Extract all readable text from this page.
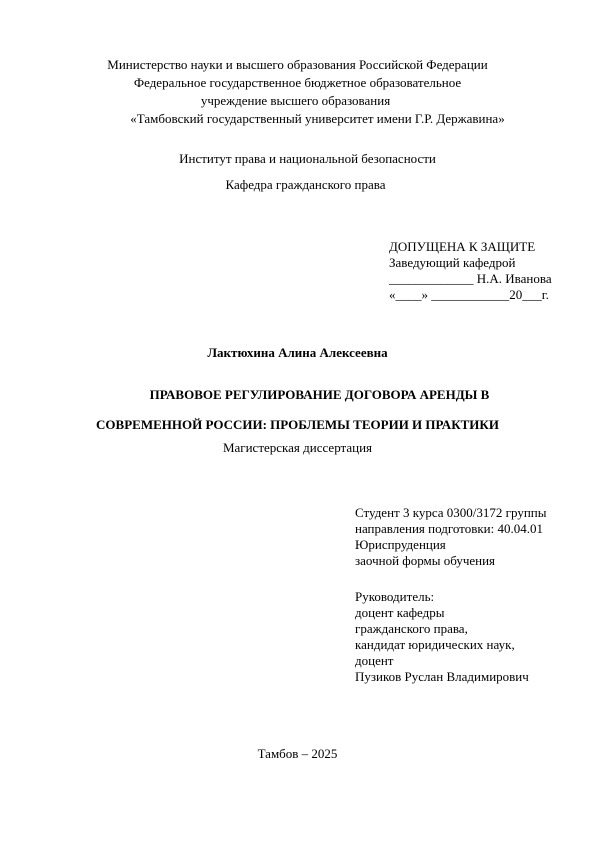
Министерство науки и высшего образования Российской Федерации
Федеральное государственное бюджетное образовательное
учреждение высшего образования
«Тамбовский государственный университет имени Г.Р. Державина»
Институт права и национальной безопасности
Кафедра гражданского права
ДОПУЩЕНА К ЗАЩИТЕ
Заведующий кафедрой
_____________ Н.А. Иванова
«____» ____________20___г.
Лактюхина Алина Алексеевна
ПРАВОВОЕ РЕГУЛИРОВАНИЕ ДОГОВОРА АРЕНДЫ В
СОВРЕМЕННОЙ РОССИИ: ПРОБЛЕМЫ ТЕОРИИ И ПРАКТИКИ
Магистерская диссертация
Студент 3 курса 0300/3172 группы
направления подготовки: 40.04.01
Юриспруденция
заочной формы обучения
Руководитель:
доцент кафедры
гражданского права,
кандидат юридических наук,
доцент
Пузиков Руслан Владимирович
Тамбов – 2025
